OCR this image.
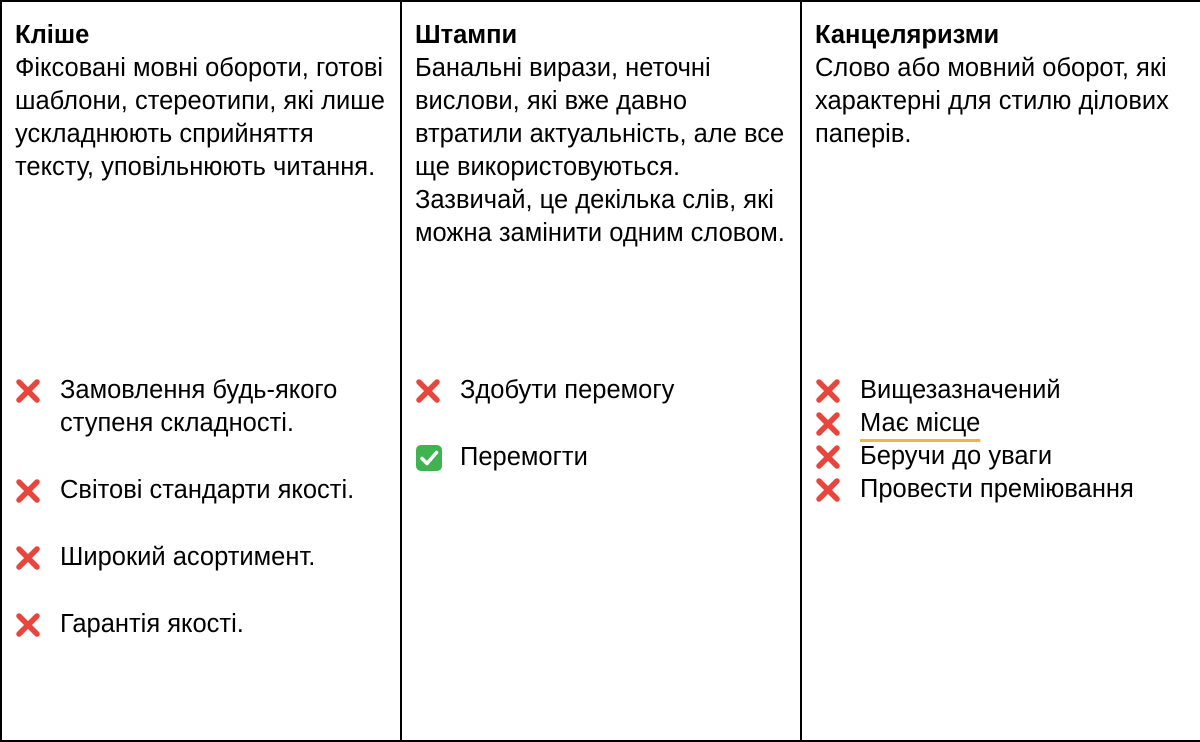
Кліше

Фіксовані мовні обороти, готові шаблони, стереотипи, які лише ускладнюють сприйняття тексту, уповільнюють читання.

Замовлення будь-якого ступеня складності.
Світові стандарти якості.
Широкий асортимент.
Гарантія якості.

Штампи

Банальні вирази, неточні вислови, які вже давно втратили актуальність, але все ще використовуються. Зазвичай, це декілька слів, які можна замінити одним словом.

Здобути перемогу
Перемогти

Канцеляризми

Слово або мовний оборот, які характерні для стилю ділових паперів.

Вищезазначений
Має місце
Беручи до уваги
Провести преміювання
